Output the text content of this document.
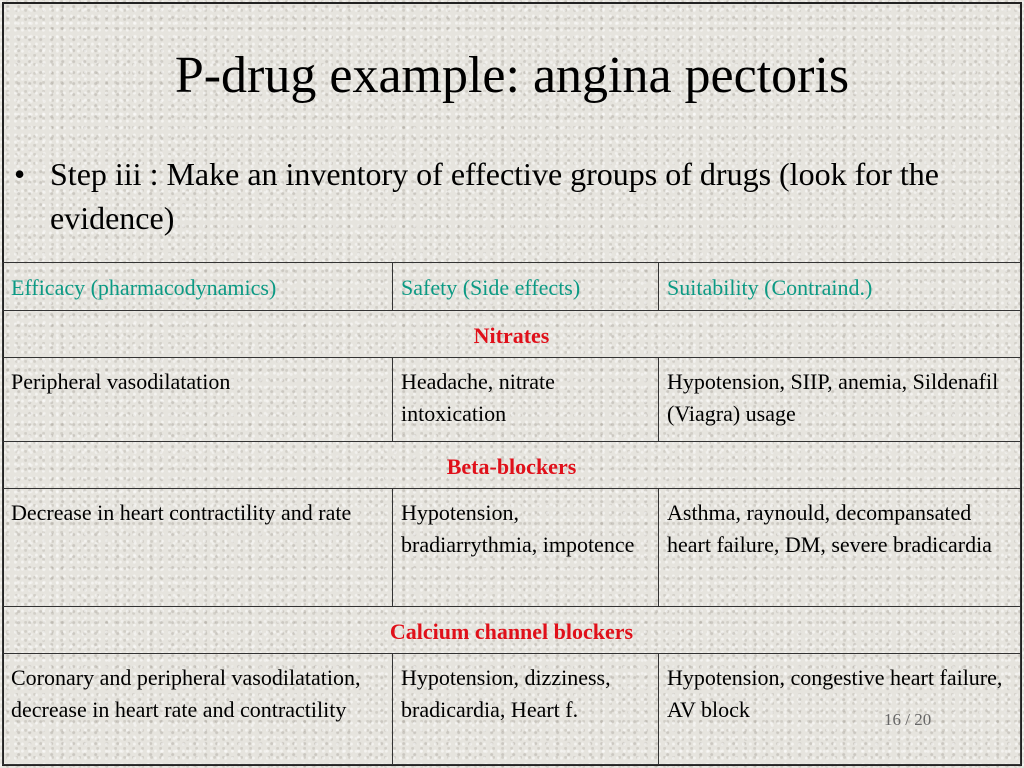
P-drug example: angina pectoris
• Step iii : Make an inventory of effective groups of drugs (look for the evidence)
Efficacy (pharmacodynamics)	Safety (Side effects)	Suitability (Contraind.)
Nitrates		
Peripheral vasodilatation	Headache, nitrate intoxication	Hypotension, SIIP, anemia, Sildenafil (Viagra) usage
Beta-blockers		
Decrease in heart contractility and rate	Hypotension, bradiarrythmia, impotence	Asthma, raynould, decompansated heart failure, DM, severe bradicardia
Calcium channel blockers		
Coronary and peripheral vasodilatation, decrease in heart rate and contractility	Hypotension, dizziness, bradicardia, Heart f.	Hypotension, congestive heart failure, AV block	16 / 20
